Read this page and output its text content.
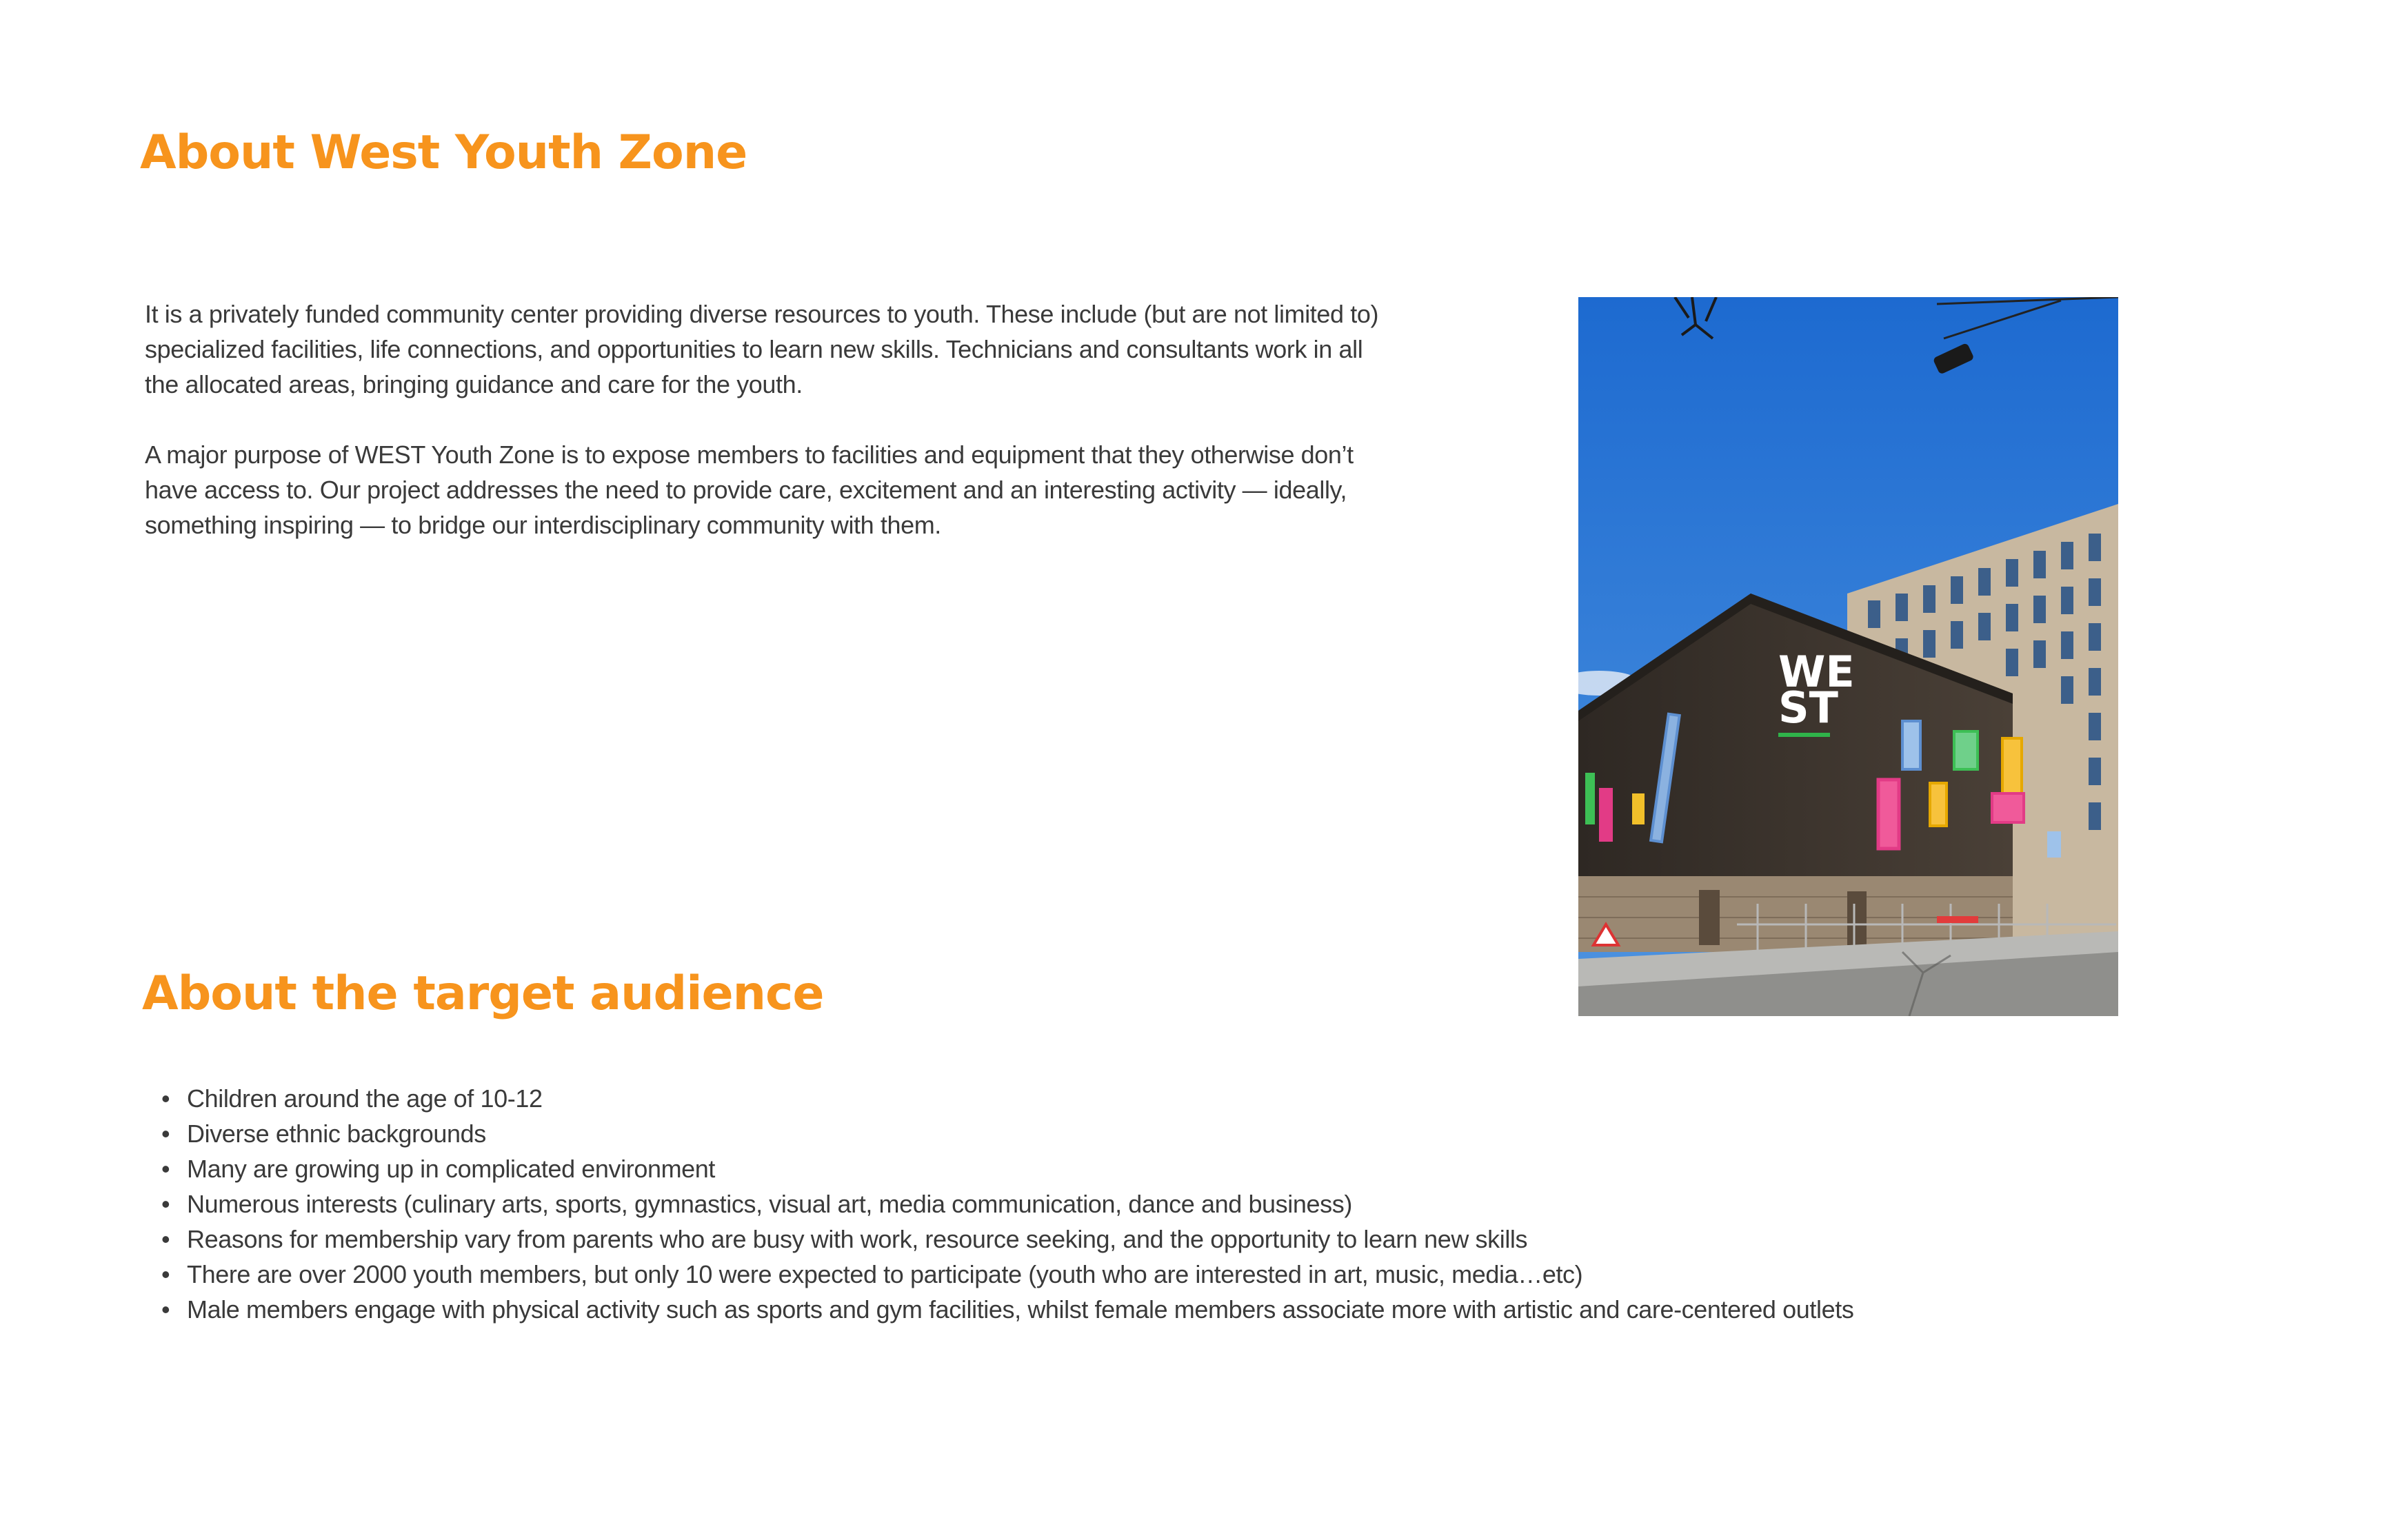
About West Youth Zone

It is a privately funded community center providing diverse resources to youth. These include (but are not limited to) specialized facilities, life connections, and opportunities to learn new skills. Technicians and consultants work in all the allocated areas, bringing guidance and care for the youth.

A major purpose of WEST Youth Zone is to expose members to facilities and equipment that they otherwise don’t have access to. Our project addresses the need to provide care, excitement and an interesting activity — ideally, something inspiring — to bridge our interdisciplinary community with them.

WE
ST
About the target audience
• Children around the age of 10-12
• Diverse ethnic backgrounds
• Many are growing up in complicated environment
• Numerous interests (culinary arts, sports, gymnastics, visual art, media communication, dance and business)
• Reasons for membership vary from parents who are busy with work, resource seeking, and the opportunity to learn new skills
• There are over 2000 youth members, but only 10 were expected to participate (youth who are interested in art, music, media…etc)
• Male members engage with physical activity such as sports and gym facilities, whilst female members associate more with artistic and care-centered outlets
